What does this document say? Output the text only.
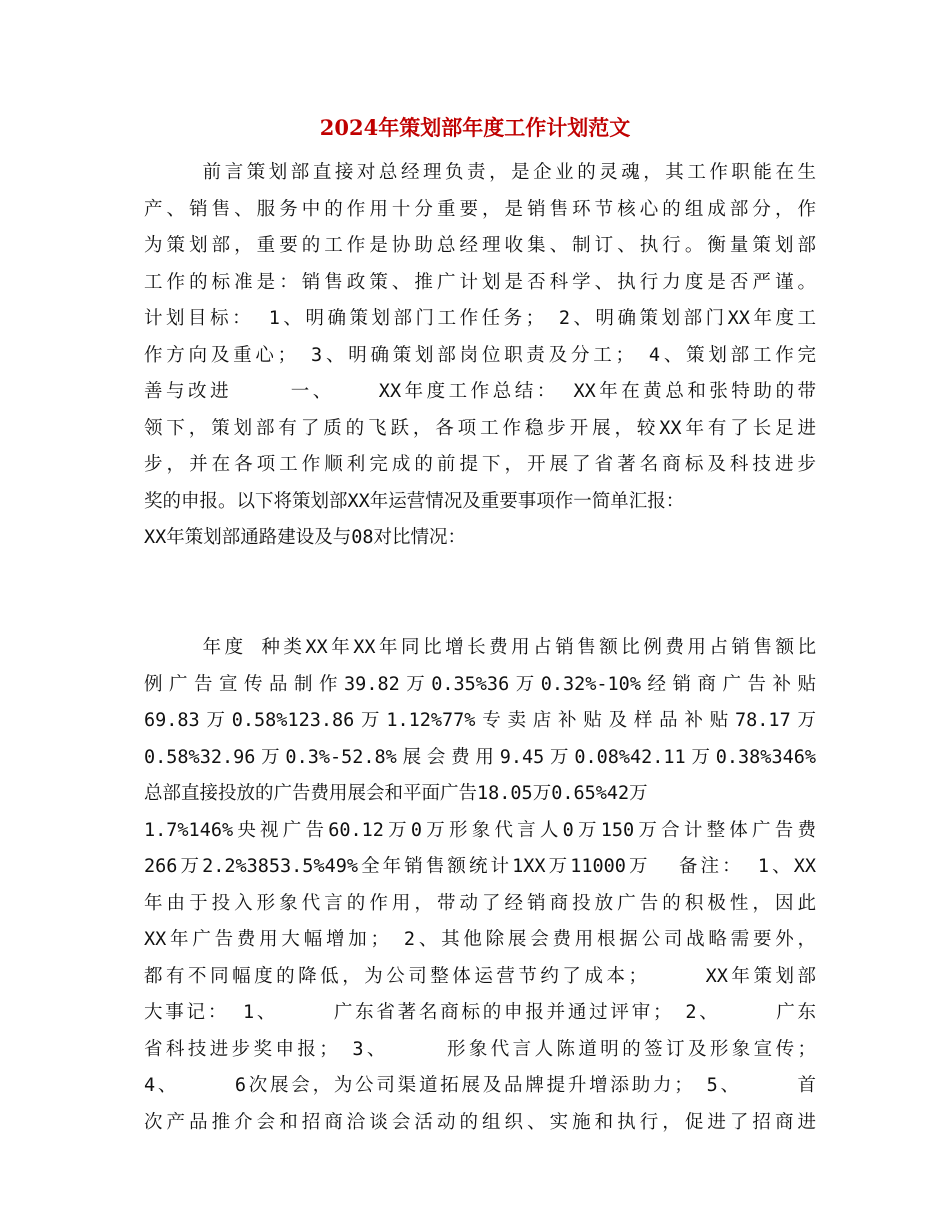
2024年策划部年度工作计划范文
前言策划部直接对总经理负责，是企业的灵魂，其工作职能在生
产、销售、服务中的作用十分重要，是销售环节核心的组成部分，作
为策划部，重要的工作是协助总经理收集、制订、执行。衡量策划部
工作的标准是：销售政策、推广计划是否科学、执行力度是否严谨。
计划目标： 1、明确策划部门工作任务； 2、明确策划部门XX年度工
作方向及重心； 3、明确策划部岗位职责及分工； 4、策划部工作完
善与改进    一、   XX年度工作总结： XX年在黄总和张特助的带
领下，策划部有了质的飞跃，各项工作稳步开展，较XX年有了长足进
步，并在各项工作顺利完成的前提下，开展了省著名商标及科技进步
奖的申报。以下将策划部XX年运营情况及重要事项作一简单汇报：
XX年策划部通路建设及与08对比情况：
年度 种类XX年XX年同比增长费用占销售额比例费用占销售额比
例广告宣传品制作39.82万0.35%36万0.32%-10%经销商广告补贴
69.83万0.58%123.86万1.12%77%专卖店补贴及样品补贴78.17万
0.58%32.96万0.3%-52.8%展会费用9.45万0.08%42.11万0.38%346%
总部直接投放的广告费用展会和平面广告18.05万0.65%42万
1.7%146%央视广告60.12万0万形象代言人0万150万合计整体广告费
266万2.2%3853.5%49%全年销售额统计1XX万11000万  备注： 1、XX
年由于投入形象代言的作用，带动了经销商投放广告的积极性，因此
XX年广告费用大幅增加； 2、其他除展会费用根据公司战略需要外，
都有不同幅度的降低，为公司整体运营节约了成本；    XX年策划部
大事记： 1、    广东省著名商标的申报并通过评审； 2、    广东
省科技进步奖申报； 3、    形象代言人陈道明的签订及形象宣传；
4、    6次展会，为公司渠道拓展及品牌提升增添助力； 5、    首
次产品推介会和招商洽谈会活动的组织、实施和执行，促进了招商进
